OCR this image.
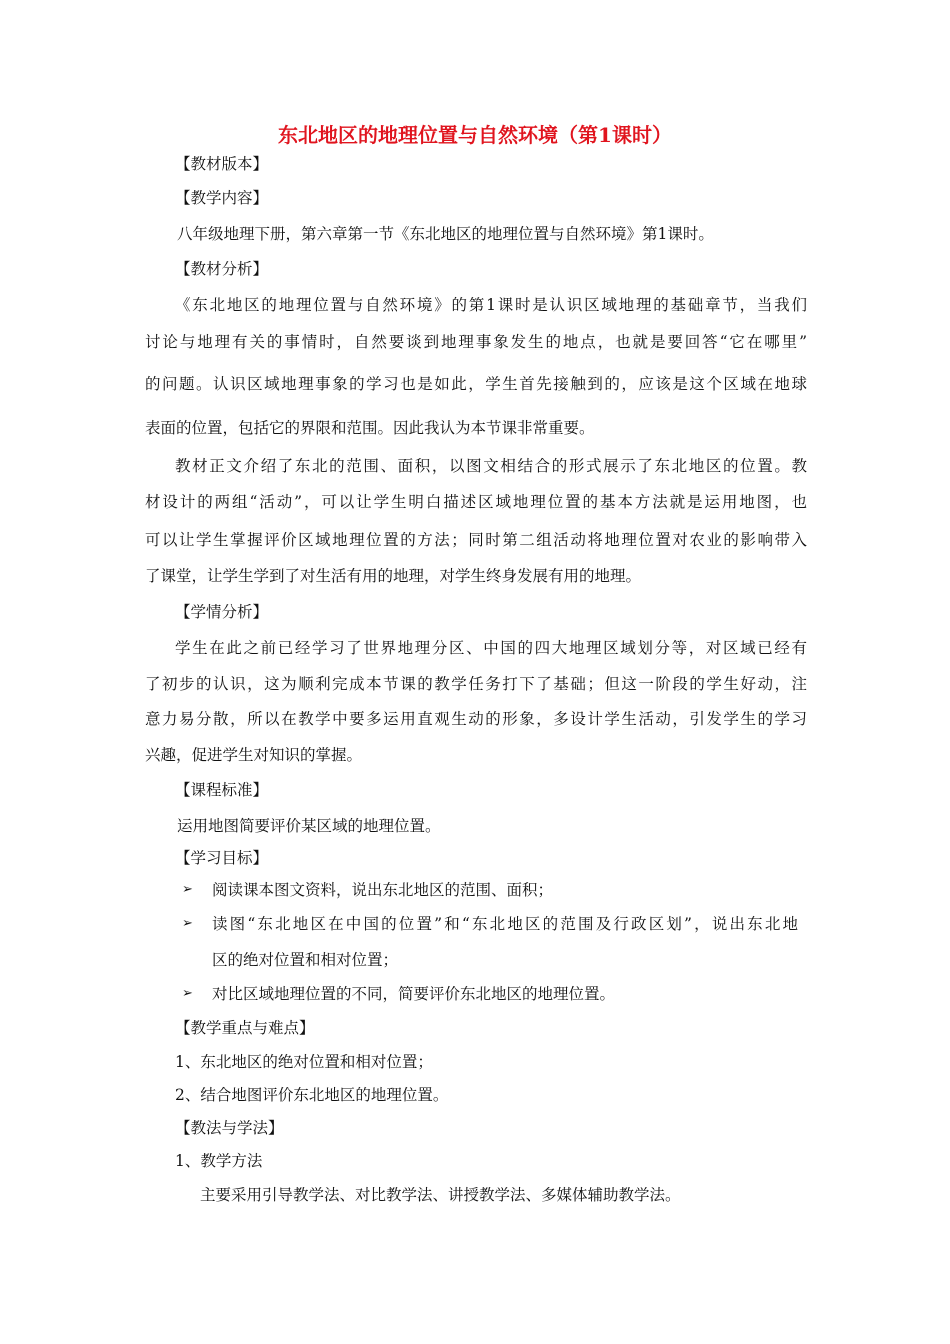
东北地区的地理位置与自然环境（第1课时）
【教材版本】
【教学内容】
八年级地理下册，第六章第一节《东北地区的地理位置与自然环境》第1课时。
【教材分析】
《东北地区的地理位置与自然环境》的第1课时是认识区域地理的基础章节，当我们
讨论与地理有关的事情时，自然要谈到地理事象发生的地点，也就是要回答“它在哪里”
的问题。认识区域地理事象的学习也是如此，学生首先接触到的，应该是这个区域在地球
表面的位置，包括它的界限和范围。因此我认为本节课非常重要。
教材正文介绍了东北的范围、面积，以图文相结合的形式展示了东北地区的位置。教
材设计的两组“活动”，可以让学生明白描述区域地理位置的基本方法就是运用地图，也
可以让学生掌握评价区域地理位置的方法；同时第二组活动将地理位置对农业的影响带入
了课堂，让学生学到了对生活有用的地理，对学生终身发展有用的地理。
【学情分析】
学生在此之前已经学习了世界地理分区、中国的四大地理区域划分等，对区域已经有
了初步的认识，这为顺利完成本节课的教学任务打下了基础；但这一阶段的学生好动，注
意力易分散，所以在教学中要多运用直观生动的形象，多设计学生活动，引发学生的学习
兴趣，促进学生对知识的掌握。
【课程标准】
运用地图简要评价某区域的地理位置。
【学习目标】
➢ 阅读课本图文资料，说出东北地区的范围、面积；
➢ 读图“东北地区在中国的位置”和“东北地区的范围及行政区划”，说出东北地
区的绝对位置和相对位置；
➢ 对比区域地理位置的不同，简要评价东北地区的地理位置。
【教学重点与难点】
1、东北地区的绝对位置和相对位置；
2、结合地图评价东北地区的地理位置。
【教法与学法】
1、教学方法
主要采用引导教学法、对比教学法、讲授教学法、多媒体辅助教学法。
